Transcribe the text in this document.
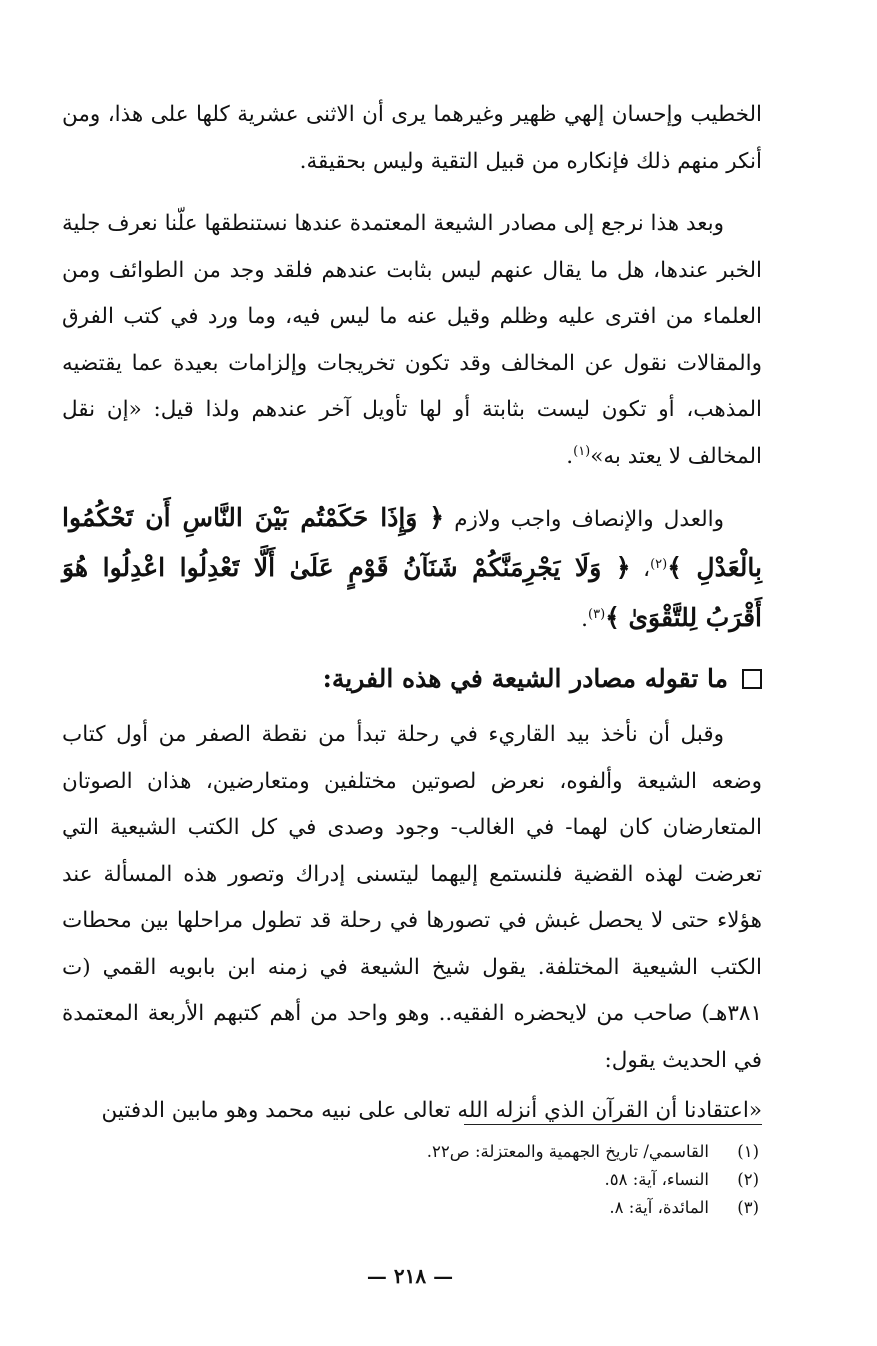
الخطيب وإحسان إلهي ظهير وغيرهما يرى أن الاثنى عشرية كلها على هذا، ومن أنكر منهم ذلك فإنكاره من قبيل التقية وليس بحقيقة.

وبعد هذا نرجع إلى مصادر الشيعة المعتمدة عندها نستنطقها علّنا نعرف جلية الخبر عندها، هل ما يقال عنهم ليس بثابت عندهم فلقد وجد من الطوائف ومن العلماء من افترى عليه وظلم وقيل عنه ما ليس فيه، وما ورد في كتب الفرق والمقالات نقول عن المخالف وقد تكون تخريجات وإلزامات بعيدة عما يقتضيه المذهب، أو تكون ليست بثابتة أو لها تأويل آخر عندهم ولذا قيل: «إن نقل المخالف لا يعتد به»$^{(١)}$.

والعدل والإنصاف واجب ولازم ﴿ وَإِذَا حَكَمْتُم بَيْنَ النَّاسِ أَن تَحْكُمُوا بِالْعَدْلِ ﴾$^{(٢)}$، ﴿ وَلَا يَجْرِمَنَّكُمْ شَنَآنُ قَوْمٍ عَلَىٰ أَلَّا تَعْدِلُوا اعْدِلُوا هُوَ أَقْرَبُ لِلتَّقْوَىٰ ﴾$^{(٣)}$.

ما تقوله مصادر الشيعة في هذه الفرية:

وقبل أن نأخذ بيد القاريء في رحلة تبدأ من نقطة الصفر من أول كتاب وضعه الشيعة وألفوه، نعرض لصوتين مختلفين ومتعارضين، هذان الصوتان المتعارضان كان لهما- في الغالب- وجود وصدى في كل الكتب الشيعية التي تعرضت لهذه القضية فلنستمع إليهما ليتسنى إدراك وتصور هذه المسألة عند هؤلاء حتى لا يحصل غبش في تصورها في رحلة قد تطول مراحلها بين محطات الكتب الشيعية المختلفة. يقول شيخ الشيعة في زمنه ابن بابويه القمي (ت ٣٨١هـ) صاحب من لايحضره الفقيه.. وهو واحد من أهم كتبهم الأربعة المعتمدة في الحديث يقول:

«اعتقادنا أن القرآن الذي أنزله الله تعالى على نبيه محمد وهو مابين الدفتين

(١)
القاسمي/ تاريخ الجهمية والمعتزلة: ص٢٢.
(٢)
النساء، آية: ٥٨.
(٣)
المائدة، آية: ٨.
— ٢١٨ —
